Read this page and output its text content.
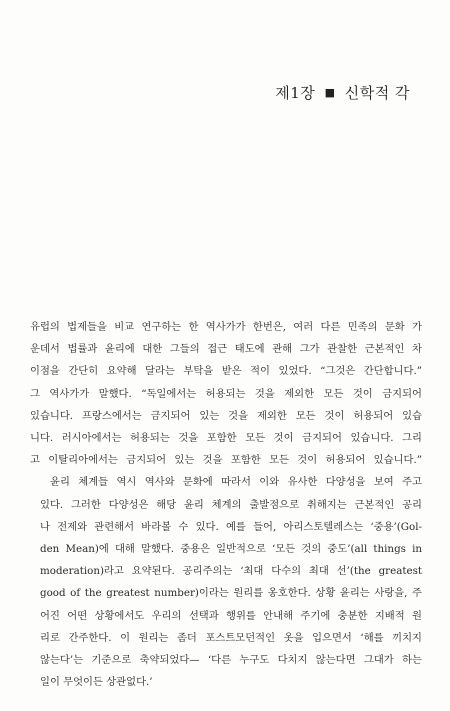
제1장 ■ 신학적 각

유럽의 법제들을 비교 연구하는 한 역사가가 한번은, 여러 다른 민족의 문화 가
운데서 법률과 윤리에 대한 그들의 접근 태도에 관해 그가 관찰한 근본적인 차
이점을 간단히 요약해 달라는 부탁을 받은 적이 있었다. “그것은 간단합니다.”
그 역사가가 말했다. “독일에서는 허용되는 것을 제외한 모든 것이 금지되어
있습니다. 프랑스에서는 금지되어 있는 것을 제외한 모든 것이 허용되어 있습
니다. 러시아에서는 허용되는 것을 포함한 모든 것이 금지되어 있습니다. 그리
고 이탈리아에서는 금지되어 있는 것을 포함한 모든 것이 허용되어 있습니다.”

윤리 체계들 역시 역사와 문화에 따라서 이와 유사한 다양성을 보여 주고
있다. 그러한 다양성은 해당 윤리 체계의 출발점으로 취해지는 근본적인 공리
나 전제와 관련해서 바라볼 수 있다. 예를 들어, 아리스토텔레스는 ‘중용’(Gol-
den Mean)에 대해 말했다. 중용은 일반적으로 ‘모든 것의 중도’(all things in
moderation)라고 요약된다. 공리주의는 ‘최대 다수의 최대 선’(the greatest
good of the greatest number)이라는 원리를 옹호한다. 상황 윤리는 사랑을, 주
어진 어떤 상황에서도 우리의 선택과 행위를 안내해 주기에 충분한 지배적 원
리로 간주한다. 이 원리는 좀더 포스트모던적인 옷을 입으면서 ‘해를 끼치지
않는다’는 기준으로 축약되었다— ‘다른 누구도 다치지 않는다면 그대가 하는
일이 무엇이든 상관없다.’
